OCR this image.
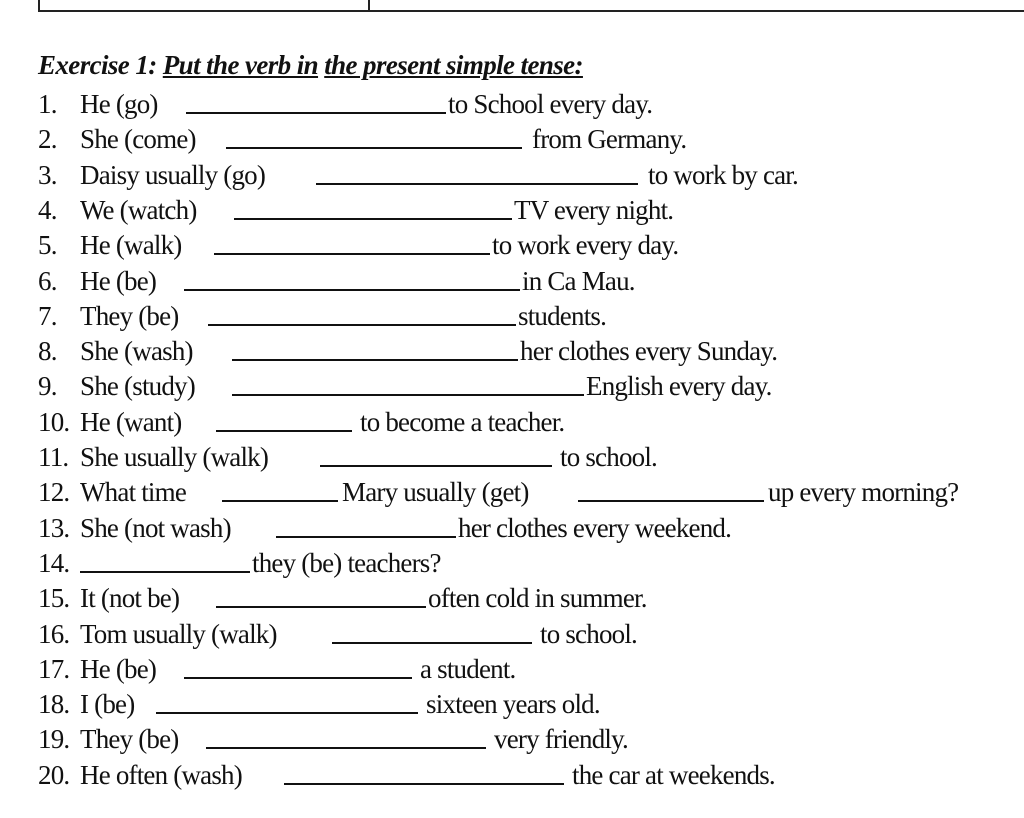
Exercise 1: Put the verb in the present simple tense:
1. He (go)	to School every day.
2. She (come)	from Germany.
3. Daisy usually (go)	to work by car.
4. We (watch)	TV every night.
5. He (walk)	to work every day.
6. He (be)	in Ca Mau.
7. They (be)	students.
8. She (wash)	her clothes every Sunday.
9. She (study)	English every day.
10. He (want)	to become a teacher.
11. She usually (walk)	to school.
12. What time	Mary usually (get)	up every morning?
13. She (not wash)	her clothes every weekend.
14.	they (be) teachers?
15. It (not be)	often cold in summer.
16. Tom usually (walk)	to school.
17. He (be)	a student.
18. I (be)	sixteen years old.
19. They (be)	very friendly.
20. He often (wash)	the car at weekends.
